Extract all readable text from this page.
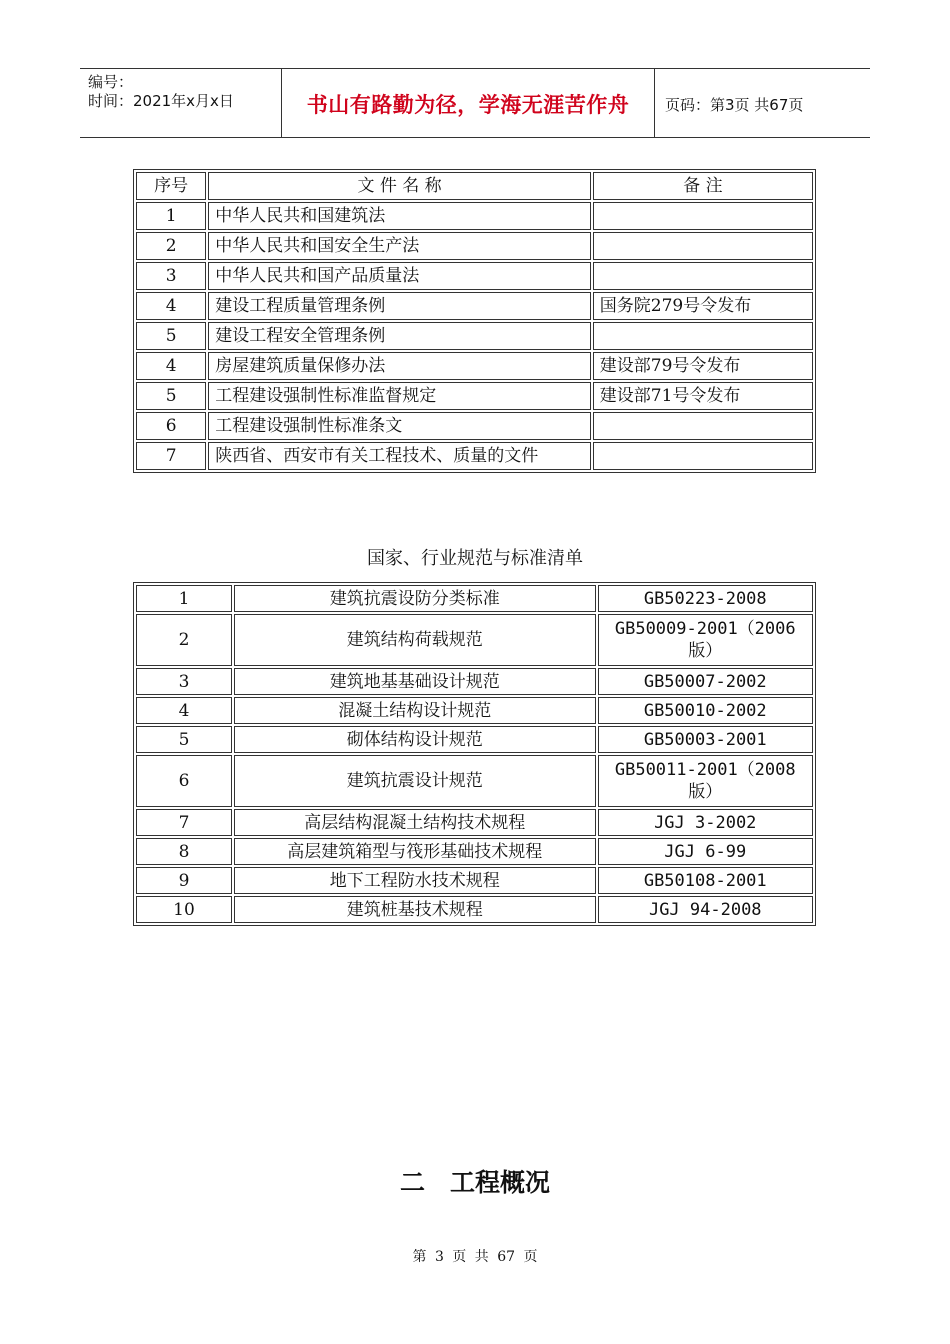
编号：
时间：2021年x月x日	书山有路勤为径，学海无涯苦作舟	页码：第3页 共67页
序号	文 件 名 称	备 注
1	中华人民共和国建筑法	
2	中华人民共和国安全生产法	
3	中华人民共和国产品质量法	
4	建设工程质量管理条例	国务院279号令发布
5	建设工程安全管理条例	
4	房屋建筑质量保修办法	建设部79号令发布
5	工程建设强制性标准监督规定	建设部71号令发布
6	工程建设强制性标准条文	
7	陕西省、西安市有关工程技术、质量的文件	
国家、行业规范与标准清单
1	建筑抗震设防分类标准	GB50223-2008
2	建筑结构荷载规范	GB50009-2001（2006版）
3	建筑地基基础设计规范	GB50007-2002
4	混凝土结构设计规范	GB50010-2002
5	砌体结构设计规范	GB50003-2001
6	建筑抗震设计规范	GB50011-2001（2008版）
7	高层结构混凝土结构技术规程	JGJ 3-2002
8	高层建筑箱型与筏形基础技术规程	JGJ 6-99
9	地下工程防水技术规程	GB50108-2001
10	建筑桩基技术规程	JGJ 94-2008
二　工程概况
第 3 页 共 67 页
